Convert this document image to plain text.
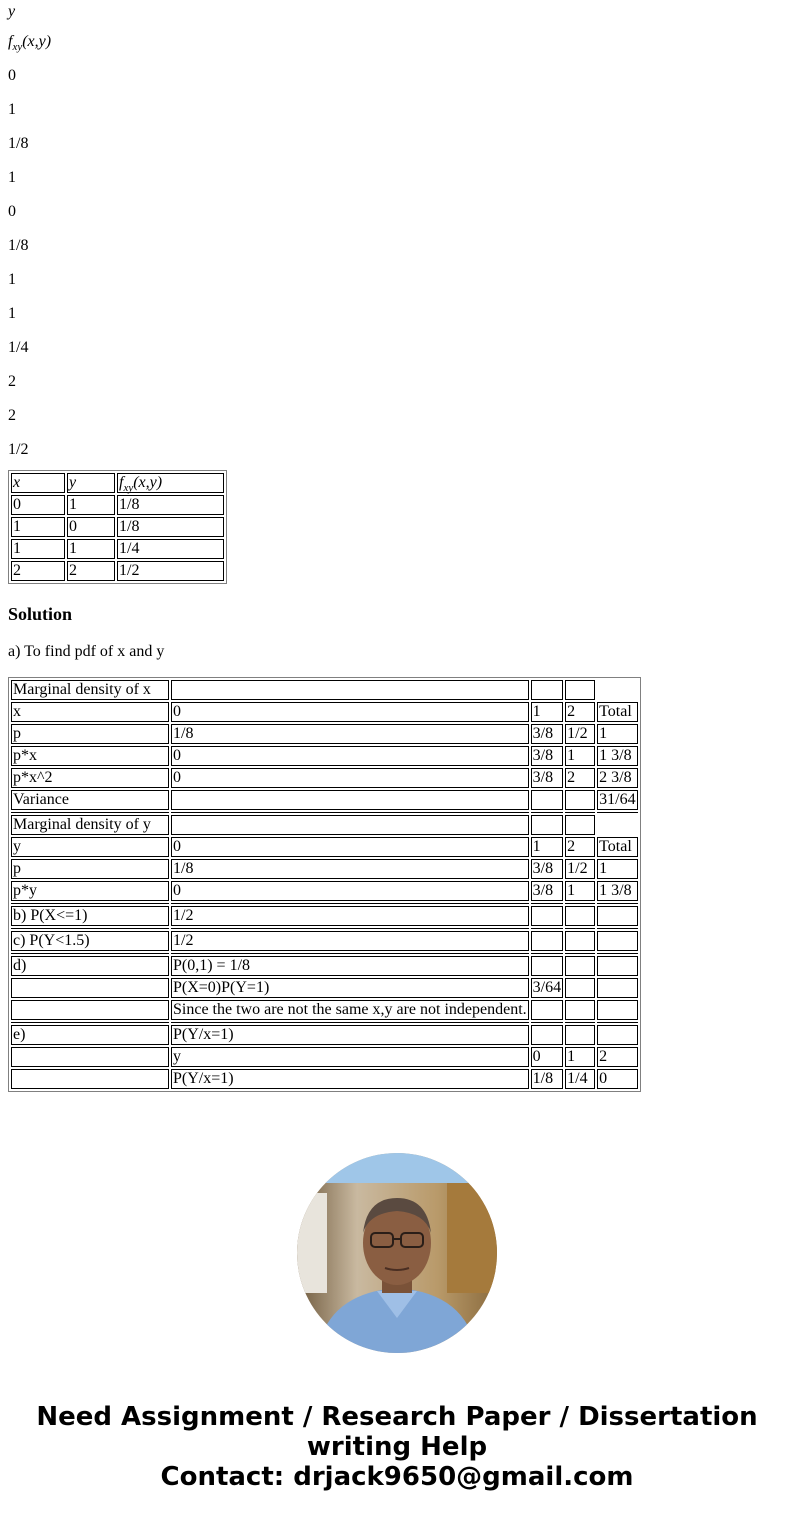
y

$f_{xy}(x,y)$

0

1

1/8

1

0

1/8

1

1

1/4

2

2

1/2

x	y	$f_{xy}(x,y)$
0	1	1/8
1	0	1/8
1	1	1/4
2	2	1/2
Solution

a) To find pdf of x and y

Marginal density of x				
x	0	1	2	Total
p	1/8	3/8	1/2	1
p*x	0	3/8	1	1 3/8
p*x^2	0	3/8	2	2 3/8
Variance				31/64

Marginal density of y				
y	0	1	2	Total
p	1/8	3/8	1/2	1
p*y	0	3/8	1	1 3/8

b) P(X<=1)	1/2			

c) P(Y<1.5)	1/2			

d)	P(0,1) = 1/8			
	P(X=0)P(Y=1)	3/64		
	Since the two are not the same x,y are not independent.			

e)	P(Y/x=1)			
	y	0	1	2
	P(Y/x=1)	1/8	1/4	0
Need Assignment / Research Paper / Dissertation
writing Help
Contact: drjack9650@gmail.com
